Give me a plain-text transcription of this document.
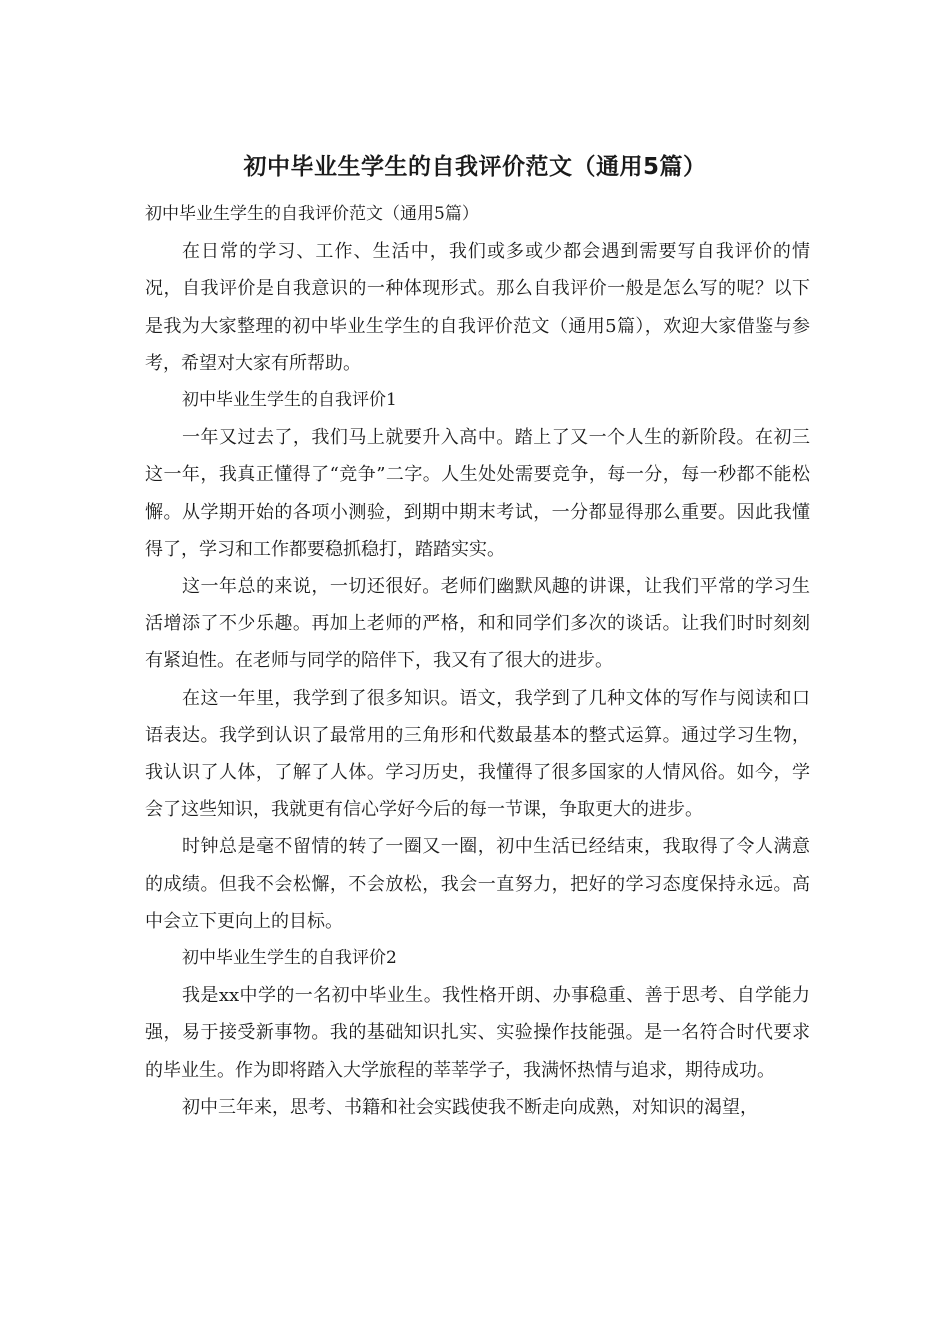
初中毕业生学生的自我评价范文（通用5篇）

初中毕业生学生的自我评价范文（通用5篇）

在日常的学习、工作、生活中，我们或多或少都会遇到需要写自我评价的情况，自我评价是自我意识的一种体现形式。那么自我评价一般是怎么写的呢？以下是我为大家整理的初中毕业生学生的自我评价范文（通用5篇），欢迎大家借鉴与参考，希望对大家有所帮助。

初中毕业生学生的自我评价1

一年又过去了，我们马上就要升入高中。踏上了又一个人生的新阶段。在初三这一年，我真正懂得了“竞争”二字。人生处处需要竞争，每一分，每一秒都不能松懈。从学期开始的各项小测验，到期中期末考试，一分都显得那么重要。因此我懂得了，学习和工作都要稳抓稳打，踏踏实实。

这一年总的来说，一切还很好。老师们幽默风趣的讲课，让我们平常的学习生活增添了不少乐趣。再加上老师的严格，和和同学们多次的谈话。让我们时时刻刻有紧迫性。在老师与同学的陪伴下，我又有了很大的进步。

在这一年里，我学到了很多知识。语文，我学到了几种文体的写作与阅读和口语表达。我学到认识了最常用的三角形和代数最基本的整式运算。通过学习生物，我认识了人体，了解了人体。学习历史，我懂得了很多国家的人情风俗。如今，学会了这些知识，我就更有信心学好今后的每一节课，争取更大的进步。

时钟总是毫不留情的转了一圈又一圈，初中生活已经结束，我取得了令人满意的成绩。但我不会松懈，不会放松，我会一直努力，把好的学习态度保持永远。高中会立下更向上的目标。

初中毕业生学生的自我评价2

我是xx中学的一名初中毕业生。我性格开朗、办事稳重、善于思考、自学能力强，易于接受新事物。我的基础知识扎实、实验操作技能强。是一名符合时代要求的毕业生。作为即将踏入大学旅程的莘莘学子，我满怀热情与追求，期待成功。

初中三年来，思考、书籍和社会实践使我不断走向成熟，对知识的渴望，
